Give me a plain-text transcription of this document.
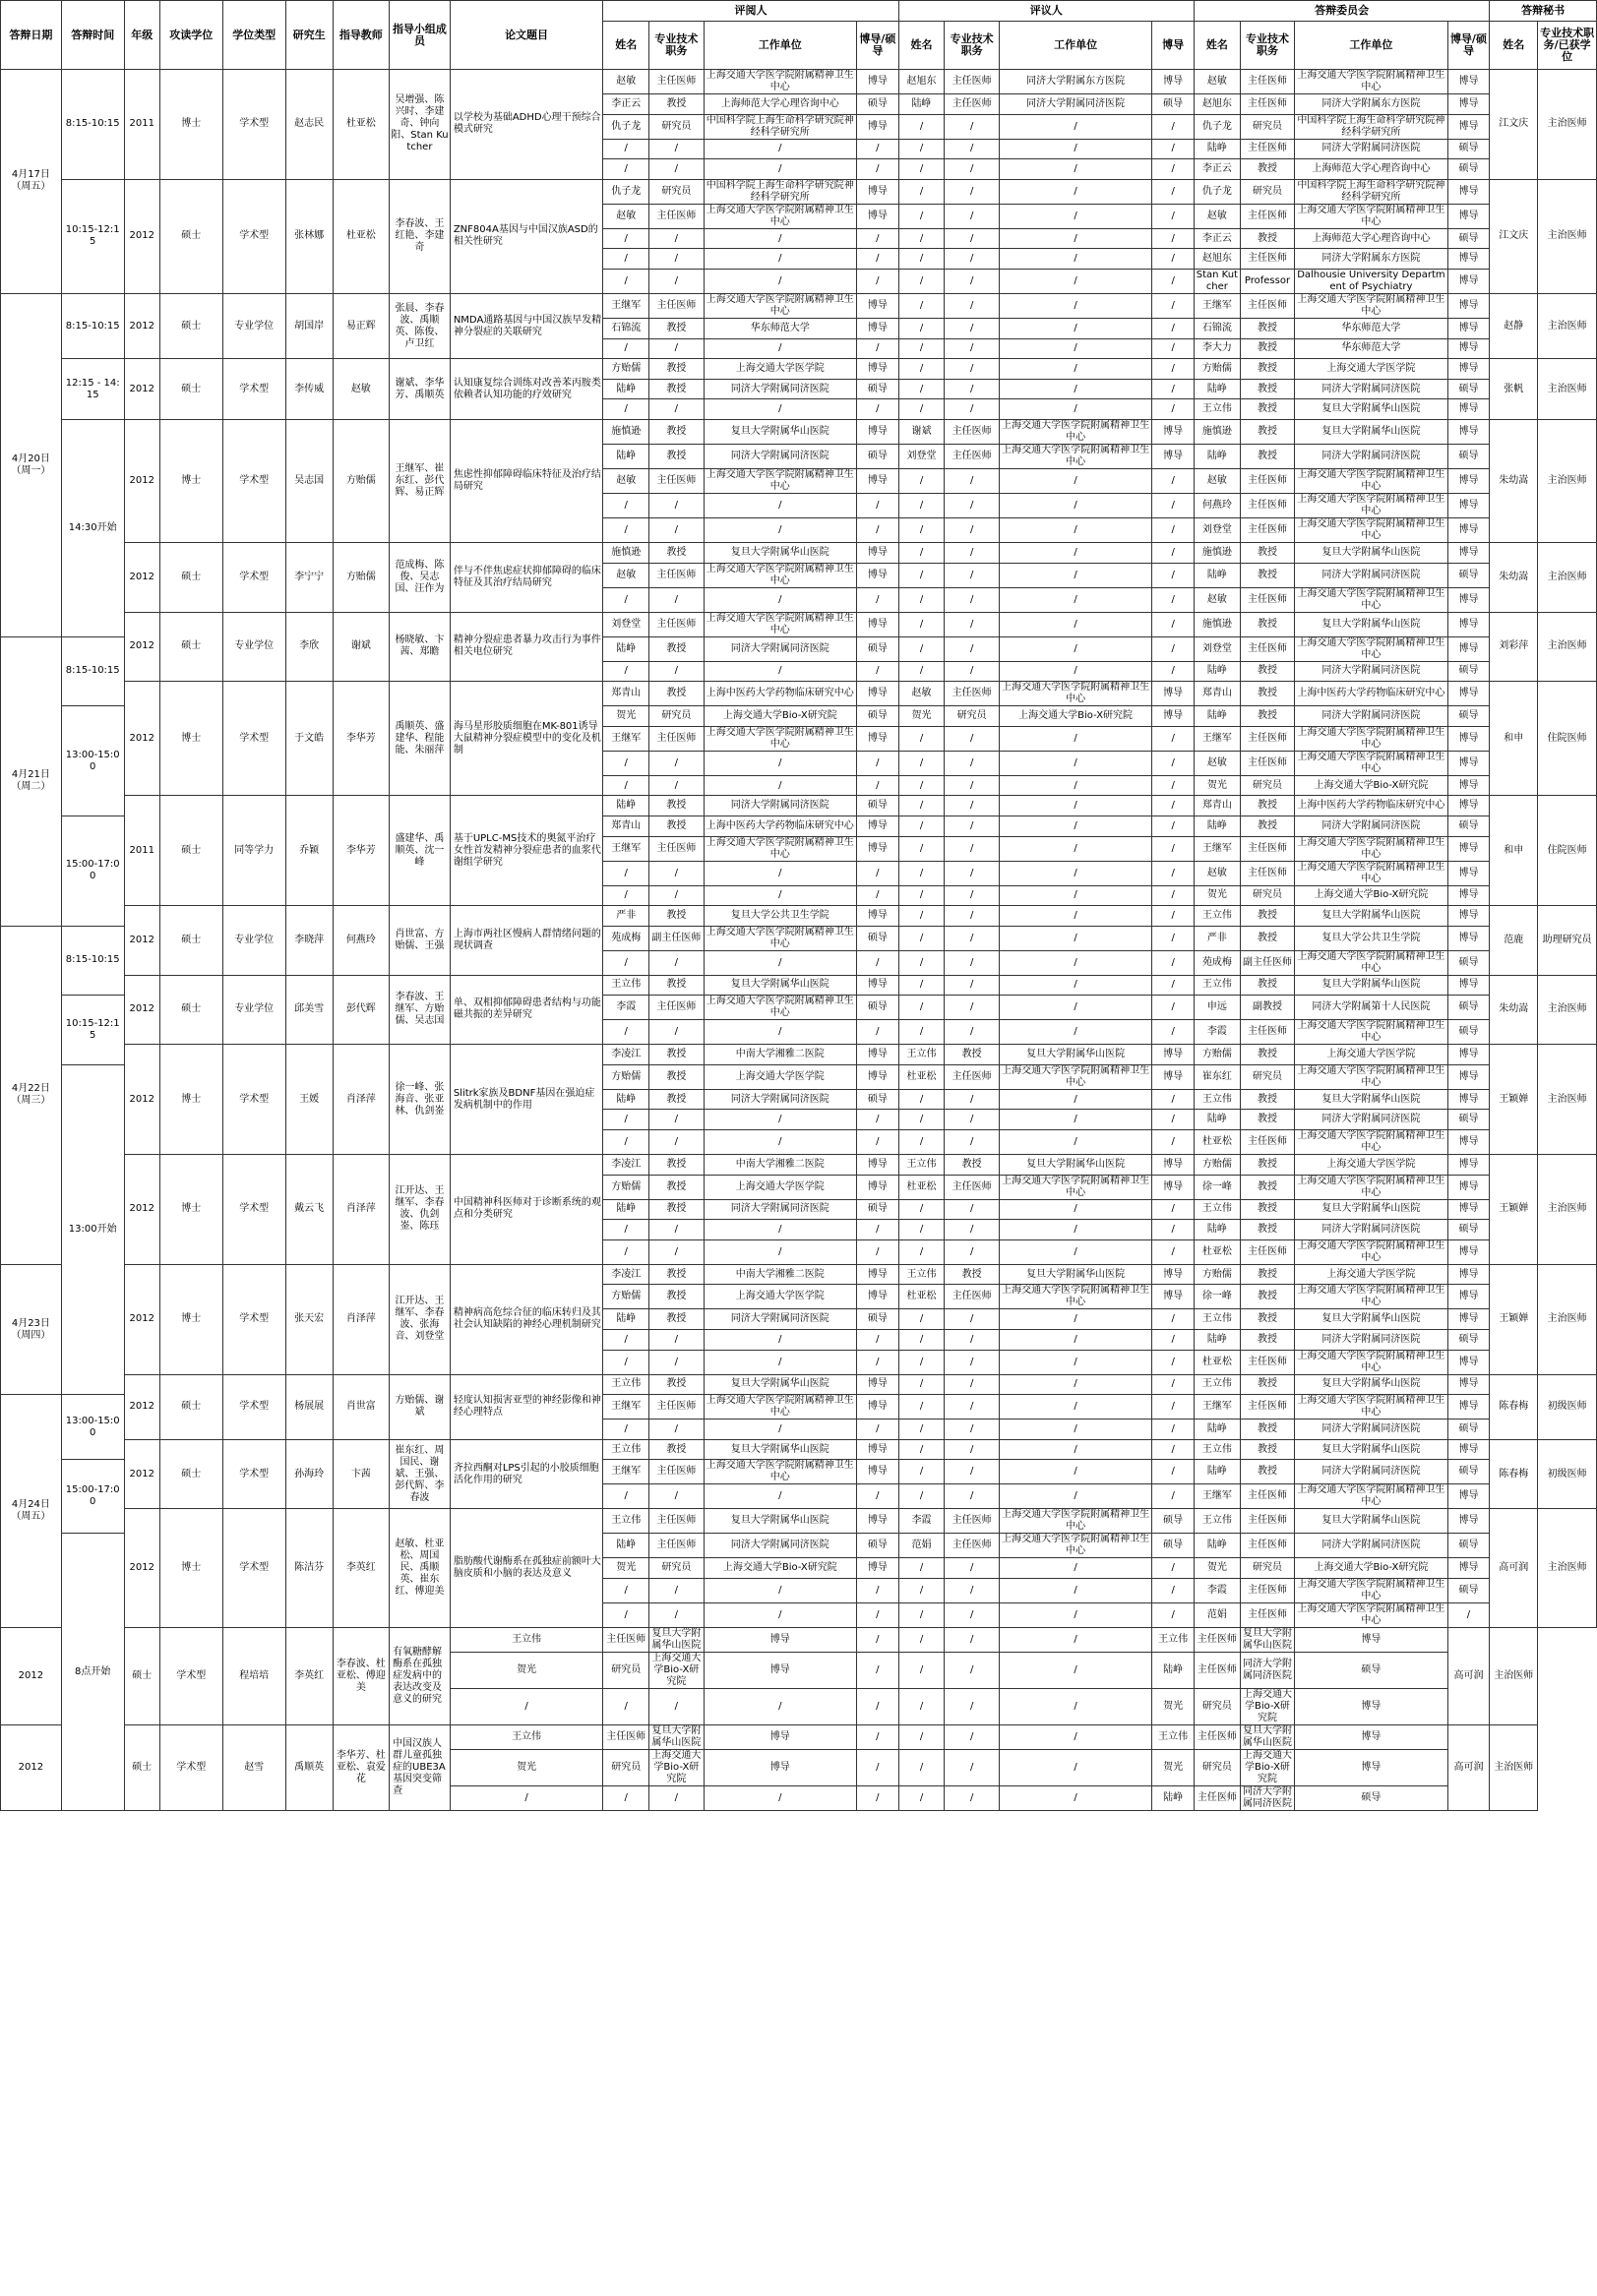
答辩日期	答辩时间	年级	攻读学位	学位类型	研究生	指导教师	指导小组成员	论文题目	评阅人				评议人				答辩委员会				答辩秘书	
									姓名	专业技术职务	工作单位	博导/硕导	姓名	专业技术职务	工作单位	博导	姓名	专业技术职务	工作单位	博导/硕导	姓名	专业技术职务/已获学位
4月17日（周五）	8:15-10:15	2011	博士	学术型	赵志民	杜亚松	吴增强、陈兴时、李建奇、钟向阳、Stan Kutcher	以学校为基础ADHD心理干预综合模式研究	赵敏	主任医师	上海交通大学医学院附属精神卫生中心	博导	赵旭东	主任医师	同济大学附属东方医院	博导	赵敏	主任医师	上海交通大学医学院附属精神卫生中心	博导	江文庆	主治医师
									李正云	教授	上海师范大学心理咨询中心	硕导	陆峥	主任医师	同济大学附属同济医院	硕导	赵旭东	主任医师	同济大学附属东方医院	博导		
									仇子龙	研究员	中国科学院上海生命科学研究院神经科学研究所	博导	/	/	/	/	仇子龙	研究员	中国科学院上海生命科学研究院神经科学研究所	博导		
									/	/	/	/	/	/	/	/	陆峥	主任医师	同济大学附属同济医院	硕导		
									/	/	/	/	/	/	/	/	李正云	教授	上海师范大学心理咨询中心	硕导		
	10:15-12:15	2012	硕士	学术型	张林娜	杜亚松	李春波、王红艳、李建奇	ZNF804A基因与中国汉族ASD的相关性研究	仇子龙	研究员	中国科学院上海生命科学研究院神经科学研究所	博导	/	/	/	/	仇子龙	研究员	中国科学院上海生命科学研究院神经科学研究所	博导	江文庆	主治医师
									赵敏	主任医师	上海交通大学医学院附属精神卫生中心	博导	/	/	/	/	赵敏	主任医师	上海交通大学医学院附属精神卫生中心	博导		
									/	/	/	/	/	/	/	/	李正云	教授	上海师范大学心理咨询中心	硕导		
									/	/	/	/	/	/	/	/	赵旭东	主任医师	同济大学附属东方医院	博导		
									/	/	/	/	/	/	/	/	Stan Kutcher	Professor	Dalhousie University Department of Psychiatry	博导		
4月20日（周一）	8:15-10:15	2012	硕士	专业学位	胡国岸	易正辉	张晨、李春波、禹顺英、陈俊、卢卫红	NMDA通路基因与中国汉族早发精神分裂症的关联研究	王继军	主任医师	上海交通大学医学院附属精神卫生中心	博导	/	/	/	/	王继军	主任医师	上海交通大学医学院附属精神卫生中心	博导	赵静	主治医师
									石锦流	教授	华东师范大学	博导	/	/	/	/	石锦流	教授	华东师范大学	博导		
									/	/	/	/	/	/	/	/	李大力	教授	华东师范大学	博导		
	12:15 - 14:15	2012	硕士	学术型	李传威	赵敏	谢斌、李华芳、禹顺英	认知康复综合训练对改善苯丙胺类依赖者认知功能的疗效研究	方贻儒	教授	上海交通大学医学院	博导	/	/	/	/	方贻儒	教授	上海交通大学医学院	博导	张帆	主治医师
									陆峥	教授	同济大学附属同济医院	硕导	/	/	/	/	陆峥	教授	同济大学附属同济医院	硕导		
									/	/	/	/	/	/	/	/	王立伟	教授	复旦大学附属华山医院	博导		
	14:30开始	2012	博士	学术型	吴志国	方贻儒	王继军、崔东红、彭代辉、易正辉	焦虑性抑郁障碍临床特征及治疗结局研究	施慎逊	教授	复旦大学附属华山医院	博导	谢斌	主任医师	上海交通大学医学院附属精神卫生中心	博导	施慎逊	教授	复旦大学附属华山医院	博导	朱幼嵩	主治医师
									陆峥	教授	同济大学附属同济医院	硕导	刘登堂	主任医师	上海交通大学医学院附属精神卫生中心	博导	陆峥	教授	同济大学附属同济医院	硕导		
									赵敏	主任医师	上海交通大学医学院附属精神卫生中心	博导	/	/	/	/	赵敏	主任医师	上海交通大学医学院附属精神卫生中心	博导		
									/	/	/	/	/	/	/	/	何燕玲	主任医师	上海交通大学医学院附属精神卫生中心	博导		
									/	/	/	/	/	/	/	/	刘登堂	主任医师	上海交通大学医学院附属精神卫生中心	博导		
		2012	硕士	学术型	李宁宁	方贻儒	范成梅、陈俊、吴志国、汪作为	伴与不伴焦虑症状抑郁障碍的临床特征及其治疗结局研究	施慎逊	教授	复旦大学附属华山医院	博导	/	/	/	/	施慎逊	教授	复旦大学附属华山医院	博导	朱幼嵩	主治医师
									赵敏	主任医师	上海交通大学医学院附属精神卫生中心	博导	/	/	/	/	陆峥	教授	同济大学附属同济医院	硕导		
									/	/	/	/	/	/	/	/	赵敏	主任医师	上海交通大学医学院附属精神卫生中心	博导		
		2012	硕士	专业学位	李欣	谢斌	杨晓敏、卞茜、郑瞻	精神分裂症患者暴力攻击行为事件相关电位研究	刘登堂	主任医师	上海交通大学医学院附属精神卫生中心	博导	/	/	/	/	施慎逊	教授	复旦大学附属华山医院	博导	刘彩萍	主治医师
4月21日（周二）	8:15-10:15								陆峥	教授	同济大学附属同济医院	硕导	/	/	/	/	刘登堂	主任医师	上海交通大学医学院附属精神卫生中心	博导		
									/	/	/	/	/	/	/	/	陆峥	教授	同济大学附属同济医院	硕导		
		2012	博士	学术型	于文皓	李华芳	禹顺英、盛建华、程能能、朱丽萍	海马星形胶质细胞在MK-801诱导大鼠精神分裂症模型中的变化及机制	郑青山	教授	上海中医药大学药物临床研究中心	博导	赵敏	主任医师	上海交通大学医学院附属精神卫生中心	博导	郑青山	教授	上海中医药大学药物临床研究中心	博导	和申	住院医师
	13:00-15:00								贺光	研究员	上海交通大学Bio-X研究院	硕导	贺光	研究员	上海交通大学Bio-X研究院	博导	陆峥	教授	同济大学附属同济医院	硕导		
									王继军	主任医师	上海交通大学医学院附属精神卫生中心	博导	/	/	/	/	王继军	主任医师	上海交通大学医学院附属精神卫生中心	博导		
									/	/	/	/	/	/	/	/	赵敏	主任医师	上海交通大学医学院附属精神卫生中心	博导		
									/	/	/	/	/	/	/	/	贺光	研究员	上海交通大学Bio-X研究院	博导		
		2011	硕士	同等学力	乔颖	李华芳	盛建华、禹顺英、沈一峰	基于UPLC-MS技术的奥氮平治疗女性首发精神分裂症患者的血浆代谢组学研究	陆峥	教授	同济大学附属同济医院	硕导	/	/	/	/	郑青山	教授	上海中医药大学药物临床研究中心	博导	和申	住院医师
	15:00-17:00								郑青山	教授	上海中医药大学药物临床研究中心	博导	/	/	/	/	陆峥	教授	同济大学附属同济医院	硕导		
									王继军	主任医师	上海交通大学医学院附属精神卫生中心	博导	/	/	/	/	王继军	主任医师	上海交通大学医学院附属精神卫生中心	博导		
									/	/	/	/	/	/	/	/	赵敏	主任医师	上海交通大学医学院附属精神卫生中心	博导		
									/	/	/	/	/	/	/	/	贺光	研究员	上海交通大学Bio-X研究院	博导		
		2012	硕士	专业学位	李晓萍	何燕玲	肖世富、方贻儒、王强	上海市两社区慢病人群情绪问题的现状调查	严非	教授	复旦大学公共卫生学院	博导	/	/	/	/	王立伟	教授	复旦大学附属华山医院	博导	范鹿	助理研究员
4月22日（周三）	8:15-10:15								苑成梅	副主任医师	上海交通大学医学院附属精神卫生中心	硕导	/	/	/	/	严非	教授	复旦大学公共卫生学院	博导		
									/	/	/	/	/	/	/	/	苑成梅	副主任医师	上海交通大学医学院附属精神卫生中心	硕导		
		2012	硕士	专业学位	邱美雪	彭代辉	李春波、王继军、方贻儒、吴志国	单、双相抑郁障碍患者结构与功能磁共振的差异研究	王立伟	教授	复旦大学附属华山医院	博导	/	/	/	/	王立伟	教授	复旦大学附属华山医院	博导	朱幼嵩	主治医师
	10:15-12:15								李霞	主任医师	上海交通大学医学院附属精神卫生中心	硕导	/	/	/	/	申远	副教授	同济大学附属第十人民医院	硕导		
									/	/	/	/	/	/	/	/	李霞	主任医师	上海交通大学医学院附属精神卫生中心	硕导		
		2012	博士	学术型	王媛	肖泽萍	徐一峰、张海音、张亚林、仇剑崟	Slitrk家族及BDNF基因在强迫症发病机制中的作用	李凌江	教授	中南大学湘雅二医院	博导	王立伟	教授	复旦大学附属华山医院	博导	方贻儒	教授	上海交通大学医学院	博导	王颖婵	主治医师
	13:00开始								方贻儒	教授	上海交通大学医学院	博导	杜亚松	主任医师	上海交通大学医学院附属精神卫生中心	博导	崔东红	研究员	上海交通大学医学院附属精神卫生中心	博导		
									陆峥	教授	同济大学附属同济医院	硕导	/	/	/	/	王立伟	教授	复旦大学附属华山医院	博导		
									/	/	/	/	/	/	/	/	陆峥	教授	同济大学附属同济医院	硕导		
									/	/	/	/	/	/	/	/	杜亚松	主任医师	上海交通大学医学院附属精神卫生中心	博导		
		2012	博士	学术型	戴云飞	肖泽萍	江开达、王继军、李春波、仇剑崟、陈珏	中国精神科医师对于诊断系统的观点和分类研究	李凌江	教授	中南大学湘雅二医院	博导	王立伟	教授	复旦大学附属华山医院	博导	方贻儒	教授	上海交通大学医学院	博导	王颖婵	主治医师
									方贻儒	教授	上海交通大学医学院	博导	杜亚松	主任医师	上海交通大学医学院附属精神卫生中心	博导	徐一峰	教授	上海交通大学医学院附属精神卫生中心	博导		
									陆峥	教授	同济大学附属同济医院	硕导	/	/	/	/	王立伟	教授	复旦大学附属华山医院	博导		
									/	/	/	/	/	/	/	/	陆峥	教授	同济大学附属同济医院	硕导		
									/	/	/	/	/	/	/	/	杜亚松	主任医师	上海交通大学医学院附属精神卫生中心	博导		
4月23日（周四）		2012	博士	学术型	张天宏	肖泽萍	江开达、王继军、李春波、张海音、刘登堂	精神病高危综合征的临床转归及其社会认知缺陷的神经心理机制研究	李凌江	教授	中南大学湘雅二医院	博导	王立伟	教授	复旦大学附属华山医院	博导	方贻儒	教授	上海交通大学医学院	博导	王颖婵	主治医师
									方贻儒	教授	上海交通大学医学院	博导	杜亚松	主任医师	上海交通大学医学院附属精神卫生中心	博导	徐一峰	教授	上海交通大学医学院附属精神卫生中心	博导		
									陆峥	教授	同济大学附属同济医院	硕导	/	/	/	/	王立伟	教授	复旦大学附属华山医院	博导		
									/	/	/	/	/	/	/	/	陆峥	教授	同济大学附属同济医院	硕导		
									/	/	/	/	/	/	/	/	杜亚松	主任医师	上海交通大学医学院附属精神卫生中心	博导		
		2012	硕士	学术型	杨展展	肖世富	方贻儒、谢斌	轻度认知损害亚型的神经影像和神经心理特点	王立伟	教授	复旦大学附属华山医院	博导	/	/	/	/	王立伟	教授	复旦大学附属华山医院	博导	陈春梅	初级医师
4月24日（周五）	13:00-15:00								王继军	主任医师	上海交通大学医学院附属精神卫生中心	博导	/	/	/	/	王继军	主任医师	上海交通大学医学院附属精神卫生中心	博导		
									/	/	/	/	/	/	/	/	陆峥	教授	同济大学附属同济医院	硕导		
		2012	硕士	学术型	孙海玲	卞茜	崔东红、周国民、谢斌、王强、彭代辉、李春波	齐拉西酮对LPS引起的小胶质细胞活化作用的研究	王立伟	教授	复旦大学附属华山医院	博导	/	/	/	/	王立伟	教授	复旦大学附属华山医院	博导	陈春梅	初级医师
	15:00-17:00								王继军	主任医师	上海交通大学医学院附属精神卫生中心	博导	/	/	/	/	陆峥	教授	同济大学附属同济医院	硕导		
									/	/	/	/	/	/	/	/	王继军	主任医师	上海交通大学医学院附属精神卫生中心	博导		
		2012	博士	学术型	陈洁芬	李英红	赵敏、杜亚松、周国民、禹顺英、崔东红、傅迎美	脂肪酸代谢酶系在孤独症前额叶大脑皮质和小脑的表达及意义	王立伟	主任医师	复旦大学附属华山医院	博导	李霞	主任医师	上海交通大学医学院附属精神卫生中心	硕导	王立伟	主任医师	复旦大学附属华山医院	博导	高可润	主治医师
	8点开始								陆峥	主任医师	同济大学附属同济医院	硕导	范娟	主任医师	上海交通大学医学院附属精神卫生中心	硕导	陆峥	主任医师	同济大学附属同济医院	硕导		
									贺光	研究员	上海交通大学Bio-X研究院	博导	/	/	/	/	贺光	研究员	上海交通大学Bio-X研究院	博导		
									/	/	/	/	/	/	/	/	李霞	主任医师	上海交通大学医学院附属精神卫生中心	硕导		
									/	/	/	/	/	/	/	/	范娟	主任医师	上海交通大学医学院附属精神卫生中心	/		
2012		硕士	学术型	程培培	李英红	李春波、杜亚松、傅迎美	有氧糖酵解酶系在孤独症发病中的表达改变及意义的研究	王立伟	主任医师	复旦大学附属华山医院	博导	/	/	/	/	王立伟	主任医师	复旦大学附属华山医院	博导	高可润	主治医师	
								贺光	研究员	上海交通大学Bio-X研究院	博导	/	/	/	/	陆峥	主任医师	同济大学附属同济医院	硕导			
								/	/	/	/	/	/	/	/	贺光	研究员	上海交通大学Bio-X研究院	博导			
2012		硕士	学术型	赵雪	禹顺英	李华芳、杜亚松、袁爱花	中国汉族人群儿童孤独症的UBE3A基因突变筛查	王立伟	主任医师	复旦大学附属华山医院	博导	/	/	/	/	王立伟	主任医师	复旦大学附属华山医院	博导	高可润	主治医师	
								贺光	研究员	上海交通大学Bio-X研究院	博导	/	/	/	/	贺光	研究员	上海交通大学Bio-X研究院	博导			
								/	/	/	/	/	/	/	/	陆峥	主任医师	同济大学附属同济医院	硕导			
